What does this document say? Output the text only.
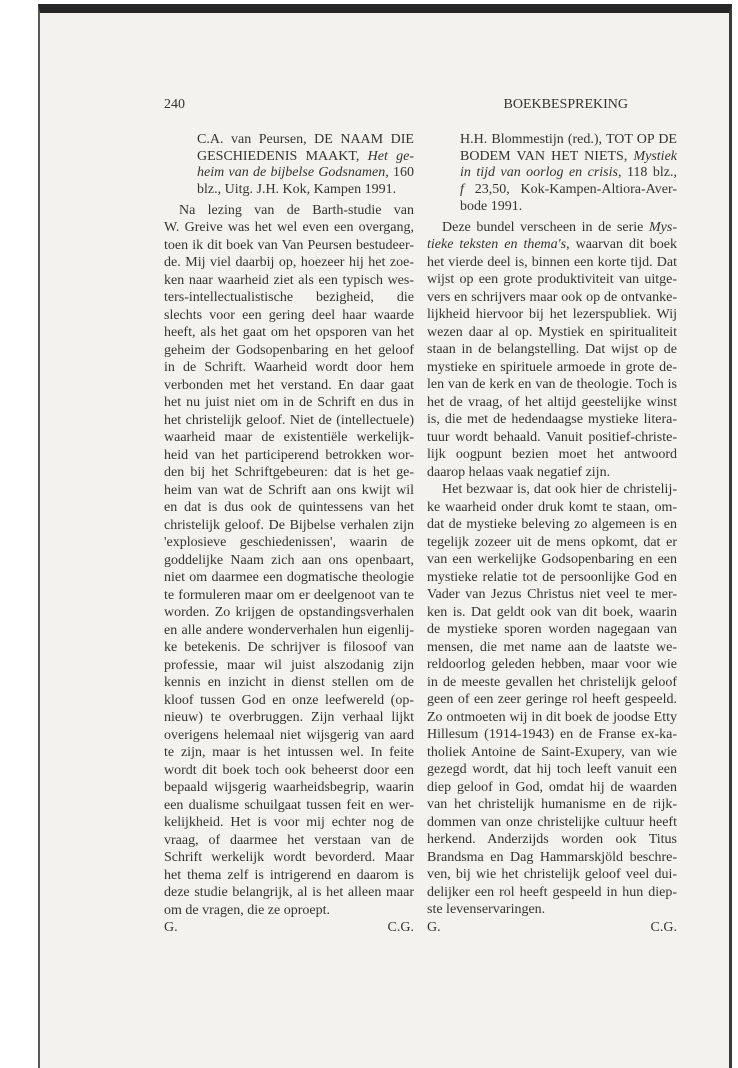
240	BOEKBESPREKING
C.A. van Peursen, DE NAAM DIE
GESCHIEDENIS MAAKT, Het ge-
heim van de bijbelse Godsnamen, 160
blz., Uitg. J.H. Kok, Kampen 1991.
Na lezing van de Barth-studie van
W. Greive was het wel even een overgang,
toen ik dit boek van Van Peursen bestudeer-
de. Mij viel daarbij op, hoezeer hij het zoe-
ken naar waarheid ziet als een typisch wes-
ters-intellectualistische bezigheid, die
slechts voor een gering deel haar waarde
heeft, als het gaat om het opsporen van het
geheim der Godsopenbaring en het geloof
in de Schrift. Waarheid wordt door hem
verbonden met het verstand. En daar gaat
het nu juist niet om in de Schrift en dus in
het christelijk geloof. Niet de (intellectuele)
waarheid maar de existentiële werkelijk-
heid van het participerend betrokken wor-
den bij het Schriftgebeuren: dat is het ge-
heim van wat de Schrift aan ons kwijt wil
en dat is dus ook de quintessens van het
christelijk geloof. De Bijbelse verhalen zijn
'explosieve geschiedenissen', waarin de
goddelijke Naam zich aan ons openbaart,
niet om daarmee een dogmatische theologie
te formuleren maar om er deelgenoot van te
worden. Zo krijgen de opstandingsverhalen
en alle andere wonderverhalen hun eigenlij-
ke betekenis. De schrijver is filosoof van
professie, maar wil juist alszodanig zijn
kennis en inzicht in dienst stellen om de
kloof tussen God en onze leefwereld (op-
nieuw) te overbruggen. Zijn verhaal lijkt
overigens helemaal niet wijsgerig van aard
te zijn, maar is het intussen wel. In feite
wordt dit boek toch ook beheerst door een
bepaald wijsgerig waarheidsbegrip, waarin
een dualisme schuilgaat tussen feit en wer-
kelijkheid. Het is voor mij echter nog de
vraag, of daarmee het verstaan van de
Schrift werkelijk wordt bevorderd. Maar
het thema zelf is intrigerend en daarom is
deze studie belangrijk, al is het alleen maar
om de vragen, die ze oproept.
G.	C.G.
H.H. Blommestijn (red.), TOT OP DE
BODEM VAN HET NIETS, Mystiek
in tijd van oorlog en crisis, 118 blz.,
f 23,50, Kok-Kampen-Altiora-Aver-
bode 1991.
Deze bundel verscheen in de serie Mys-
tieke teksten en thema's, waarvan dit boek
het vierde deel is, binnen een korte tijd. Dat
wijst op een grote produktiviteit van uitge-
vers en schrijvers maar ook op de ontvanke-
lijkheid hiervoor bij het lezerspubliek. Wij
wezen daar al op. Mystiek en spiritualiteit
staan in de belangstelling. Dat wijst op de
mystieke en spirituele armoede in grote de-
len van de kerk en van de theologie. Toch is
het de vraag, of het altijd geestelijke winst
is, die met de hedendaagse mystieke litera-
tuur wordt behaald. Vanuit positief-christe-
lijk oogpunt bezien moet het antwoord
daarop helaas vaak negatief zijn.
Het bezwaar is, dat ook hier de christelij-
ke waarheid onder druk komt te staan, om-
dat de mystieke beleving zo algemeen is en
tegelijk zozeer uit de mens opkomt, dat er
van een werkelijke Godsopenbaring en een
mystieke relatie tot de persoonlijke God en
Vader van Jezus Christus niet veel te mer-
ken is. Dat geldt ook van dit boek, waarin
de mystieke sporen worden nagegaan van
mensen, die met name aan de laatste we-
reldoorlog geleden hebben, maar voor wie
in de meeste gevallen het christelijk geloof
geen of een zeer geringe rol heeft gespeeld.
Zo ontmoeten wij in dit boek de joodse Etty
Hillesum (1914-1943) en de Franse ex-ka-
tholiek Antoine de Saint-Exupery, van wie
gezegd wordt, dat hij toch leeft vanuit een
diep geloof in God, omdat hij de waarden
van het christelijk humanisme en de rijk-
dommen van onze christelijke cultuur heeft
herkend. Anderzijds worden ook Titus
Brandsma en Dag Hammarskjöld beschre-
ven, bij wie het christelijk geloof veel dui-
delijker een rol heeft gespeeld in hun diep-
ste levenservaringen.
G.	C.G.
